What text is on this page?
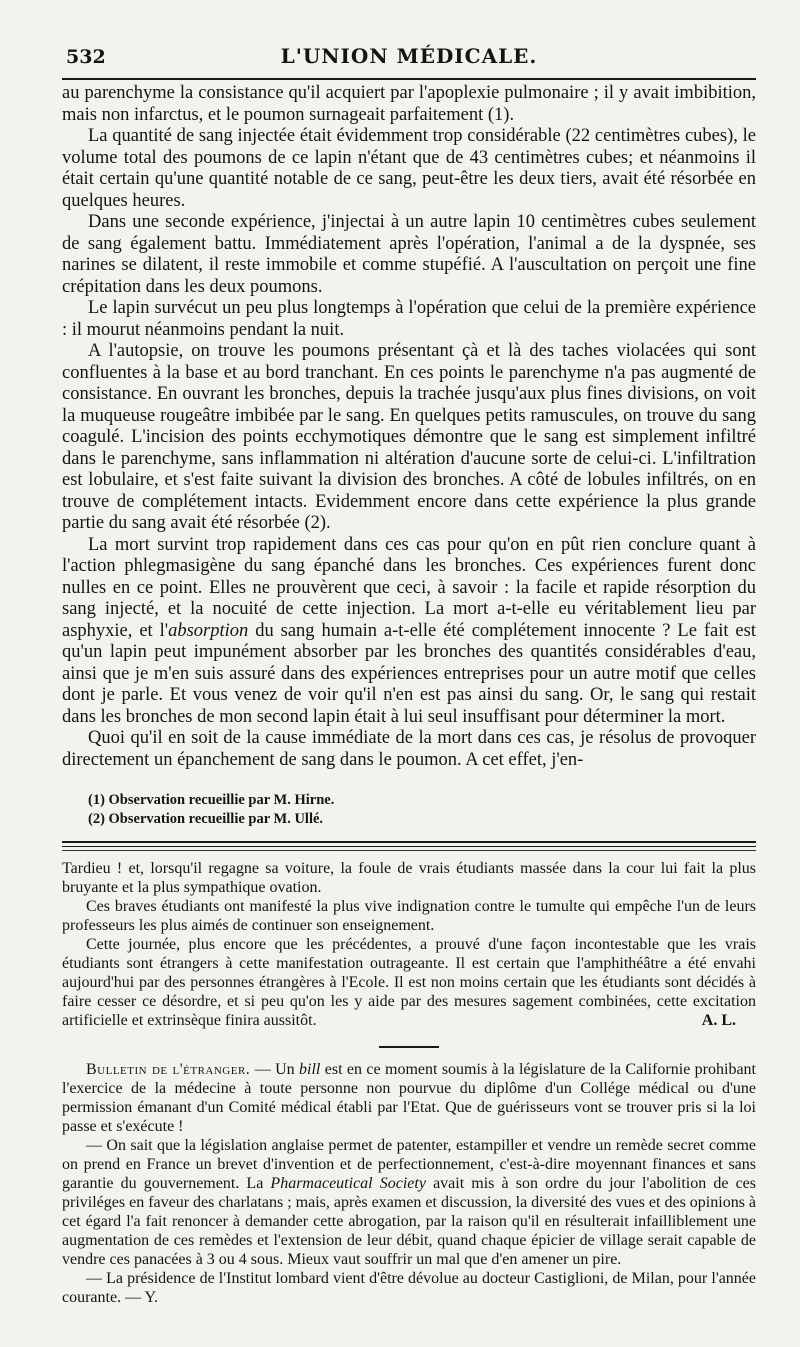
532	L'UNION MÉDICALE.

au parenchyme la consistance qu'il acquiert par l'apoplexie pulmonaire ; il y avait imbibition, mais non infarctus, et le poumon surnageait parfaitement (1).

La quantité de sang injectée était évidemment trop considérable (22 centimètres cubes), le volume total des poumons de ce lapin n'étant que de 43 centimètres cubes; et néanmoins il était certain qu'une quantité notable de ce sang, peut-être les deux tiers, avait été résorbée en quelques heures.

Dans une seconde expérience, j'injectai à un autre lapin 10 centimètres cubes seulement de sang également battu. Immédiatement après l'opération, l'animal a de la dyspnée, ses narines se dilatent, il reste immobile et comme stupéfié. A l'auscultation on perçoit une fine crépitation dans les deux poumons.

Le lapin survécut un peu plus longtemps à l'opération que celui de la première expérience : il mourut néanmoins pendant la nuit.

A l'autopsie, on trouve les poumons présentant çà et là des taches violacées qui sont confluentes à la base et au bord tranchant. En ces points le parenchyme n'a pas augmenté de consistance. En ouvrant les bronches, depuis la trachée jusqu'aux plus fines divisions, on voit la muqueuse rougeâtre imbibée par le sang. En quelques petits ramuscules, on trouve du sang coagulé. L'incision des points ecchymotiques démontre que le sang est simplement infiltré dans le parenchyme, sans inflammation ni altération d'aucune sorte de celui-ci. L'infiltration est lobulaire, et s'est faite suivant la division des bronches. A côté de lobules infiltrés, on en trouve de complétement intacts. Evidemment encore dans cette expérience la plus grande partie du sang avait été résorbée (2).

La mort survint trop rapidement dans ces cas pour qu'on en pût rien conclure quant à l'action phlegmasigène du sang épanché dans les bronches. Ces expériences furent donc nulles en ce point. Elles ne prouvèrent que ceci, à savoir : la facile et rapide résorption du sang injecté, et la nocuité de cette injection. La mort a-t-elle eu véritablement lieu par asphyxie, et l'absorption du sang humain a-t-elle été complétement innocente ? Le fait est qu'un lapin peut impunément absorber par les bronches des quantités considérables d'eau, ainsi que je m'en suis assuré dans des expériences entreprises pour un autre motif que celles dont je parle. Et vous venez de voir qu'il n'en est pas ainsi du sang. Or, le sang qui restait dans les bronches de mon second lapin était à lui seul insuffisant pour déterminer la mort.

Quoi qu'il en soit de la cause immédiate de la mort dans ces cas, je résolus de provoquer directement un épanchement de sang dans le poumon. A cet effet, j'en-

(1) Observation recueillie par M. Hirne.
(2) Observation recueillie par M. Ullé.

Tardieu ! et, lorsqu'il regagne sa voiture, la foule de vrais étudiants massée dans la cour lui fait la plus bruyante et la plus sympathique ovation.

Ces braves étudiants ont manifesté la plus vive indignation contre le tumulte qui empêche l'un de leurs professeurs les plus aimés de continuer son enseignement.

Cette journée, plus encore que les précédentes, a prouvé d'une façon incontestable que les vrais étudiants sont étrangers à cette manifestation outrageante. Il est certain que l'amphithéâtre a été envahi aujourd'hui par des personnes étrangères à l'Ecole. Il est non moins certain que les étudiants sont décidés à faire cesser ce désordre, et si peu qu'on les y aide par des mesures sagement combinées, cette excitation artificielle et extrinsèque finira aussitôt.	A. L.

Bulletin de l'étranger. — Un bill est en ce moment soumis à la législature de la Californie prohibant l'exercice de la médecine à toute personne non pourvue du diplôme d'un Collége médical ou d'une permission émanant d'un Comité médical établi par l'Etat. Que de guérisseurs vont se trouver pris si la loi passe et s'exécute !

— On sait que la législation anglaise permet de patenter, estampiller et vendre un remède secret comme on prend en France un brevet d'invention et de perfectionnement, c'est-à-dire moyennant finances et sans garantie du gouvernement. La Pharmaceutical Society avait mis à son ordre du jour l'abolition de ces priviléges en faveur des charlatans ; mais, après examen et discussion, la diversité des vues et des opinions à cet égard l'a fait renoncer à demander cette abrogation, par la raison qu'il en résulterait infailliblement une augmentation de ces remèdes et l'extension de leur débit, quand chaque épicier de village serait capable de vendre ces panacées à 3 ou 4 sous. Mieux vaut souffrir un mal que d'en amener un pire.

— La présidence de l'Institut lombard vient d'être dévolue au docteur Castiglioni, de Milan, pour l'année courante. — Y.
